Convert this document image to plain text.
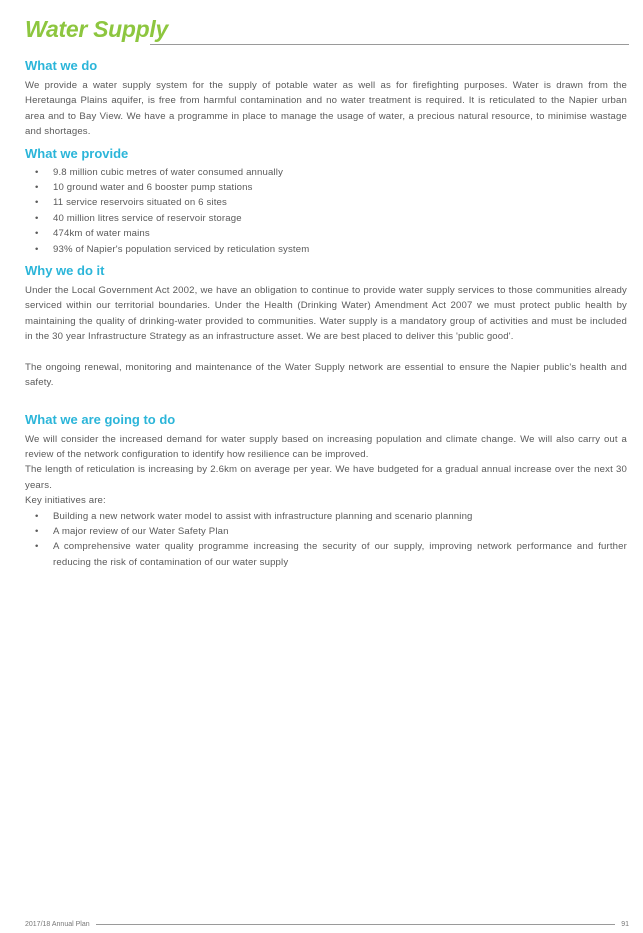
Water Supply
What we do

We provide a water supply system for the supply of potable water as well as for firefighting purposes. Water is drawn from the Heretaunga Plains aquifer, is free from harmful contamination and no water treatment is required. It is reticulated to the Napier urban area and to Bay View. We have a programme in place to manage the usage of water, a precious natural resource, to minimise wastage and shortages.

What we provide
• 9.8 million cubic metres of water consumed annually
• 10 ground water and 6 booster pump stations
• 11 service reservoirs situated on 6 sites
• 40 million litres service of reservoir storage
• 474km of water mains
• 93% of Napier's population serviced by reticulation system
Why we do it

Under the Local Government Act 2002, we have an obligation to continue to provide water supply services to those communities already serviced within our territorial boundaries. Under the Health (Drinking Water) Amendment Act 2007 we must protect public health by maintaining the quality of drinking-water provided to communities. Water supply is a mandatory group of activities and must be included in the 30 year Infrastructure Strategy as an infrastructure asset. We are best placed to deliver this 'public good'.

The ongoing renewal, monitoring and maintenance of the Water Supply network are essential to ensure the Napier public's health and safety.

What we are going to do

We will consider the increased demand for water supply based on increasing population and climate change. We will also carry out a review of the network configuration to identify how resilience can be improved.

The length of reticulation is increasing by 2.6km on average per year. We have budgeted for a gradual annual increase over the next 30 years.

Key initiatives are:

• Building a new network water model to assist with infrastructure planning and scenario planning
• A major review of our Water Safety Plan
• A comprehensive water quality programme increasing the security of our supply, improving network performance and further reducing the risk of contamination of our water supply
2017/18 Annual Plan	91
